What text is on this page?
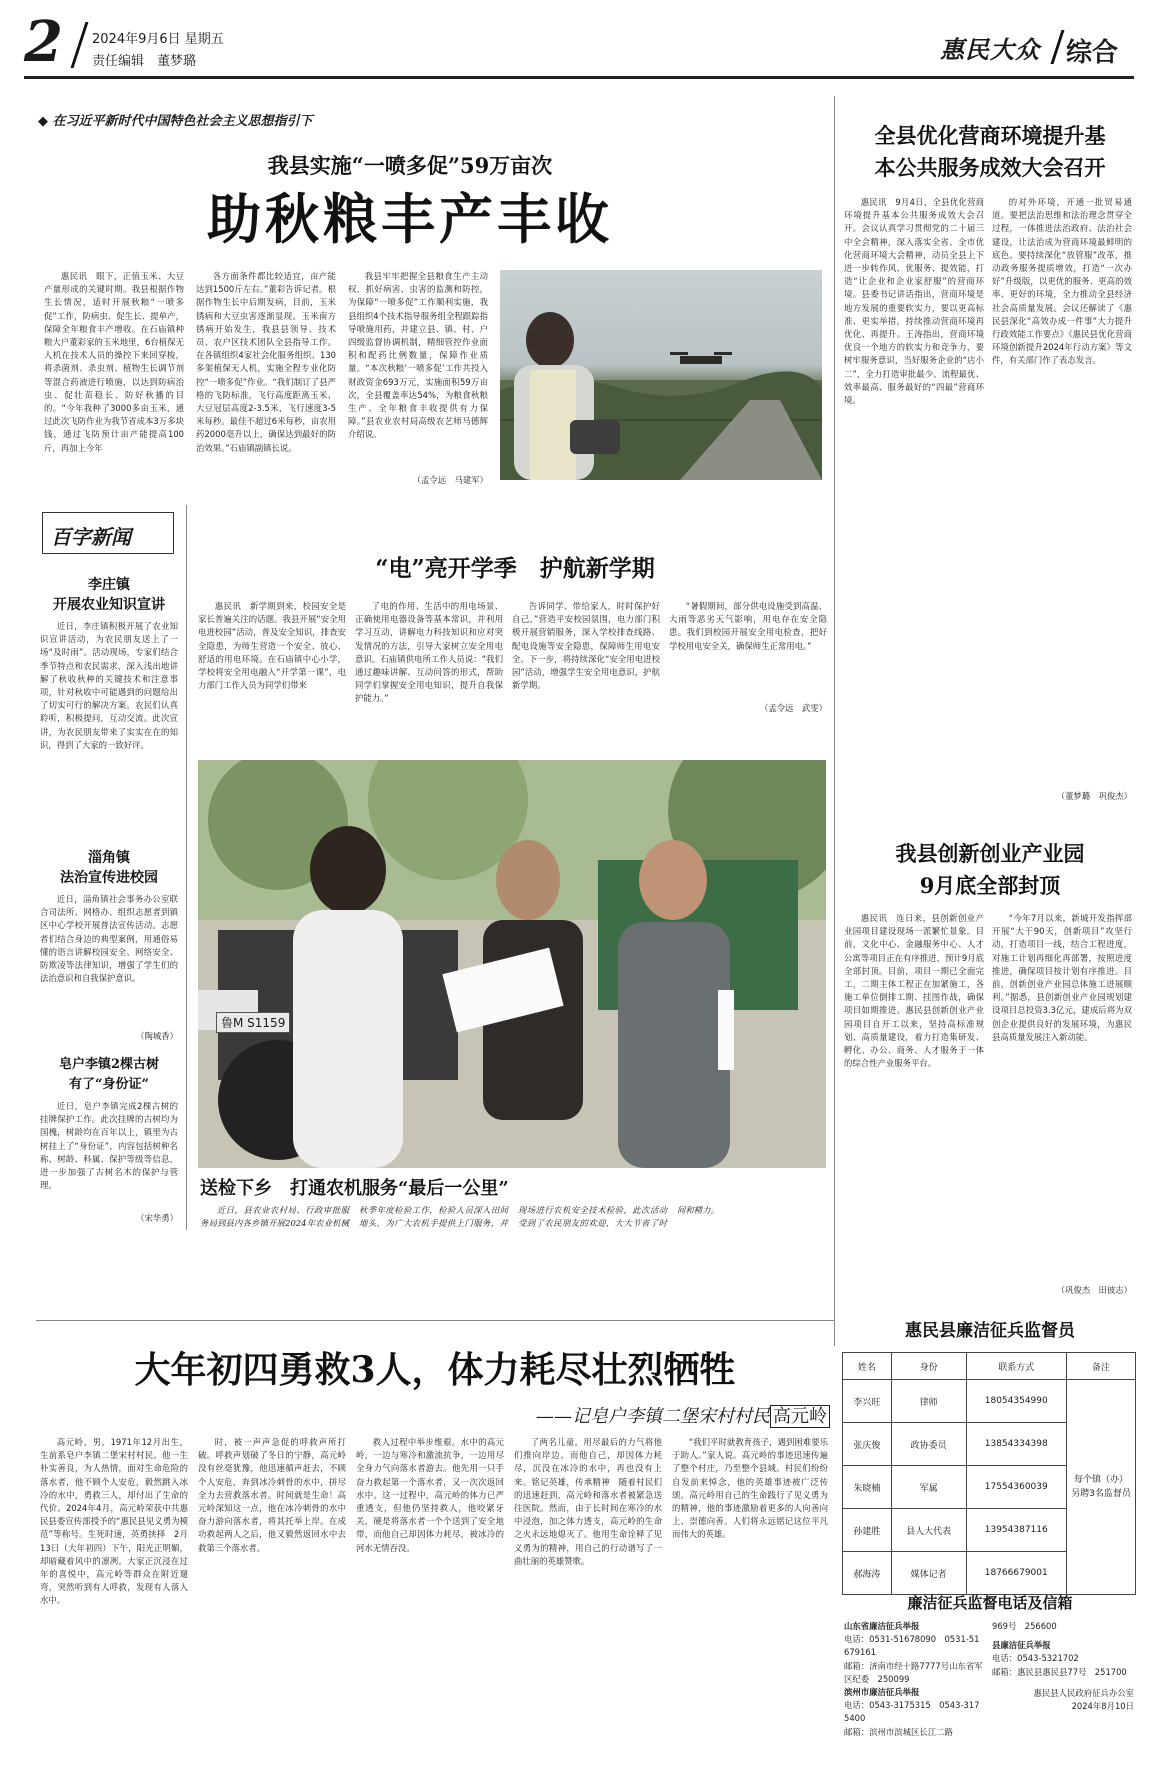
2 2024年9月6日 星期五
责任编辑　董梦璐	惠民大众 综合
◆ 在习近平新时代中国特色社会主义思想指引下
我县实施“一喷多促”59万亩次
助秋粮丰产丰收

惠民讯　眼下，正值玉米、大豆产量形成的关键时期。我县根据作物生长情况，适时开展秋粮“一喷多促”工作，防病虫、促生长、提单产，保障全年粮食丰产增收。在石庙镇种粮大户董彩家的玉米地里，6台植保无人机在技术人员的操控下来回穿梭，将杀菌剂、杀虫剂、植物生长调节剂等混合药液进行喷施，以达到防病治虫、促壮苗稳长、防好秋播的目的。“今年我种了3000多亩玉米，通过此次飞防作业为我节省成本3万多块钱，通过飞防预计亩产能提高100斤，再加上今年

各方面条件都比较适宜，亩产能达到1500斤左右。”董彩告诉记者。根据作物生长中后期发病，目前，玉米锈病和大豆虫害逐渐显现。玉米南方锈病开始发生，我县县领导、技术员、农户区技术团队全县指导工作。在各镇组织4家社会化服务组织、130多架植保无人机，实施全程专业化防控“一喷多促”作业。“我们制订了县严格的飞防标准，飞行高度距离玉米、大豆冠层高度2-3.5米，飞行速度3-5米每秒。最佳不超过6米每秒，亩农用药2000毫升以上，确保达到最好的防治效果。”石庙镇副镇长说。

我县牢牢把握全县粮食生产主动权，抓好病害、虫害的监测和防控，为保障“一喷多促”工作顺利实施，我县组织4个技术指导服务组全程跟踪指导喷施用药，并建立县、镇、村、户四级监督协调机制，精细管控作业面积和配药比例数量，保障作业质量。“本次秋粮‘一喷多促’工作共投入财政资金693万元，实施面积59万亩次，全县覆盖率达54%，为粮食秋粮生产、全年粮食丰收提供有力保障。”县农业农村局高级农艺师马德辉介绍说。

（孟令远　马建军）
百字新闻
李庄镇
开展农业知识宣讲

近日，李庄镇积极开展了农业知识宣讲活动，为农民朋友送上了一场“及时雨”。活动现场，专家们结合季节特点和农民需求，深入浅出地讲解了秋收秋种的关键技术和注意事项，针对秋收中可能遇到的问题给出了切实可行的解决方案。农民们认真聆听，积极提问，互动交流。此次宣讲，为农民朋友带来了实实在在的知识，得到了大家的一致好评。

淄角镇
法治宣传进校园

近日，淄角镇社会事务办公室联合司法所、网格办、组织志愿者到镇区中心学校开展普法宣传活动。志愿者们结合身边的典型案例，用通俗易懂的语言讲解校园安全、网络安全、防欺凌等法律知识，增强了学生们的法治意识和自我保护意识。

（陶城香）
皂户李镇2棵古树
有了“身份证”

近日，皂户李镇完成2棵古树的挂牌保护工作。此次挂牌的古树均为国槐，树龄均在百年以上，镇里为古树挂上了“身份证”，内容包括树种名称、树龄、科属、保护等级等信息，进一步加强了古树名木的保护与管理。

（宋华勇）
“电”亮开学季　护航新学期

惠民讯　新学期到来，校园安全是家长普遍关注的话题。我县开展“安全用电进校园”活动，普及安全知识，排查安全隐患，为师生营造一个安全、放心、舒适的用电环境。在石庙镇中心小学，学校将安全用电融入“开学第一课”，电力部门工作人员为同学们带来

了电的作用、生活中的用电场景、正确使用电器设备等基本常识，并利用学习互动，讲解电力科技知识和应对突发情况的方法，引导大家树立安全用电意识。石庙镇供电所工作人员说：“我们通过趣味讲解、互动问答的形式，帮助同学们掌握安全用电知识，提升自我保护能力。”

告诉同学、带给家人，时时保护好自己。”营造平安校园氛围，电力部门积极开展营销服务，深入学校排查线路、配电设施等安全隐患，保障师生用电安全。下一步，将持续深化“安全用电进校园”活动，增强学生安全用电意识，护航新学期。

“暑假期间，部分供电设施受到高温、大雨等恶劣天气影响，用电存在安全隐患。我们到校园开展安全用电检查，把好学校用电安全关，确保师生正常用电。”

（孟令远　武雯）
鲁M S1159
送检下乡　打通农机服务“最后一公里”

近日，县农业农村局、行政审批服务局到县内各乡镇开展2024年农业机械秋季年度检验工作，检验人员深入田间地头，为广大农机手提供上门服务，并现场进行农机安全技术检验，此次活动受到了农民朋友的欢迎，大大节省了时间和精力。

全县优化营商环境提升基
本公共服务成效大会召开

惠民讯　9月4日，全县优化营商环境提升基本公共服务成效大会召开。会议认真学习贯彻党的二十届三中全会精神，深入落实全省、全市优化营商环境大会精神，动员全县上下进一步转作风、优服务、提效能，打造“让企业和企业家舒服”的营商环境。县委书记讲话指出，营商环境是地方发展的重要软实力，要以更高标准、更实举措，持续推动营商环境再优化、再提升。王涛指出，营商环境优良一个地方的软实力和竞争力，要树牢服务意识，当好服务企业的“店小二”，全力打造审批最少、流程最优、效率最高、服务最好的“四最”营商环境。

的对外环境，开通一批贸易通道。要把法治思维和法治理念贯穿全过程，一体推进法治政府、法治社会建设，让法治成为营商环境最鲜明的底色。要持续深化“放管服”改革，推动政务服务提质增效，打造“一次办好”升级版，以更优的服务、更高的效率、更好的环境，全力推动全县经济社会高质量发展。会议还解读了《惠民县深化“高效办成一件事”大力提升行政效能工作要点》《惠民县优化营商环境创新提升2024年行动方案》等文件，有关部门作了表态发言。

（董梦璐　巩俊杰）
我县创新创业产业园
9月底全部封顶

惠民讯　连日来，县创新创业产业园项目建设现场一派繁忙景象。目前，文化中心、金融服务中心、人才公寓等项目正在有序推进，预计9月底全部封顶。目前，项目一期已全面完工，二期主体工程正在加紧施工，各施工单位倒排工期、挂图作战，确保项目如期推进。惠民县创新创业产业园项目自开工以来，坚持高标准规划、高质量建设，着力打造集研发、孵化、办公、商务、人才服务于一体的综合性产业服务平台。

“今年7月以来，新城开发指挥部开展“大干90天，创新项目”攻坚行动，打造项目一线，结合工程进度，对施工计划再细化再部署，按照进度推进，确保项目按计划有序推进。目前，创新创业产业园总体施工进展顺利。”据悉，县创新创业产业园规划建设项目总投资3.3亿元，建成后将为双创企业提供良好的发展环境，为惠民县高质量发展注入新动能。

（巩俊杰　田彼志）
大年初四勇救3人，体力耗尽壮烈牺牲
——记皂户李镇二堡宋村村民 高元岭

高元岭，男，1971年12月出生，生前系皂户李镇二堡宋村村民。他一生朴实善良，为人热情，面对生命危险的落水者，他不顾个人安危，毅然跳入冰冷的水中，勇救三人，却付出了生命的代价。2024年4月，高元岭荣获中共惠民县委宣传部授予的“惠民县见义勇为模范”等称号。生死时速，英勇挟择　2月13日（大年初四）下午，阳光正明媚，却暗藏着风中的凛冽。大家正沉浸在过年的喜悦中，高元岭等群众在附近遛弯，突然听到有人呼救，发现有人落入水中。

时，被一声声急促的呼救声所打破。呼救声划破了冬日的宁静，高元岭没有丝毫犹豫，他迅速循声赶去，不顾个人安危，奔到冰冷刺骨的水中，拼尽全力去营救落水者。时间就是生命！高元岭深知这一点，他在冰冷刺骨的水中奋力游向落水者，将其托举上岸。在成功救起两人之后，他又毅然返回水中去救第三个落水者。

救人过程中举步维艰。水中的高元岭，一边与寒冷和激流抗争，一边用尽全身力气向落水者游去。他先用一只手奋力救起第一个落水者，又一次次返回水中。这一过程中，高元岭的体力已严重透支，但他仍坚持救人，他咬紧牙关，硬是将落水者一个个送到了安全地带，而他自己却因体力耗尽，被冰冷的河水无情吞没。

了两名儿童，用尽最后的力气将他们推向岸边。而他自己，却因体力耗尽，沉没在冰冷的水中，再也没有上来。铭记英雄，传承精神　随着村民们的迅速赶到，高元岭和落水者被紧急送往医院。然而，由于长时间在寒冷的水中浸泡，加之体力透支，高元岭的生命之火永远地熄灭了。他用生命诠释了见义勇为的精神，用自己的行动谱写了一曲壮丽的英雄赞歌。

“我们平时就教育孩子，遇到困难要乐于助人。”家人说。高元岭的事迹迅速传遍了整个村庄，乃至整个县域。村民们纷纷自发前来悼念，他的英雄事迹被广泛传颂。高元岭用自己的生命践行了见义勇为的精神，他的事迹激励着更多的人向善向上、崇德向善。人们将永远铭记这位平凡而伟大的英雄。

惠民县廉洁征兵监督员
姓名	身份	联系方式	备注
李兴旺	律师	18054354990	每个镇（办）另聘3名监督员
张庆俊	政协委员	13854334398	
朱晓楠	军属	17554360039	
孙建胜	县人大代表	13954387116	
郝海涛	媒体记者	18766679001	
廉洁征兵监督电话及信箱
山东省廉洁征兵举报
电话：0531-51678090　0531-51679161
邮箱：济南市经十路7777号山东省军区纪委　250099
滨州市廉洁征兵举报
电话：0543-3175315　0543-3175400
邮箱：滨州市滨城区长江二路
969号　256600
县廉洁征兵举报
电话：0543-5321702
邮箱：惠民县惠民县77号　251700
惠民县人民政府征兵办公室
2024年8月10日
